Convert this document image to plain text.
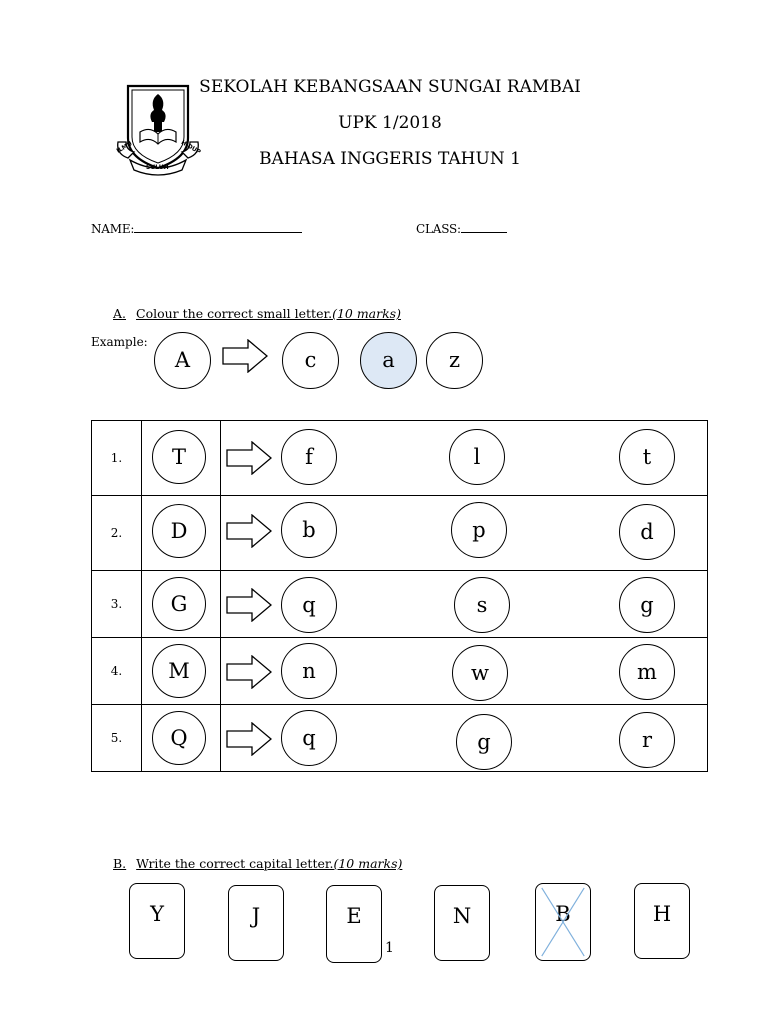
ILMU
SULUH
HIDUP
SEKOLAH KEBANGSAAN SUNGAI RAMBAI
UPK 1/2018
BAHASA INGGERIS TAHUN 1
NAME:	CLASS:
A. Colour the correct small letter.(10 marks)
Example:
A	c	a	z
1.	T	f l t

2.	D	b p d

3.	G	q s g

4.	M	n w m

5.	Q	q g r
B. Write the correct capital letter.(10 marks)
Y	J	E	N	B	H
1
